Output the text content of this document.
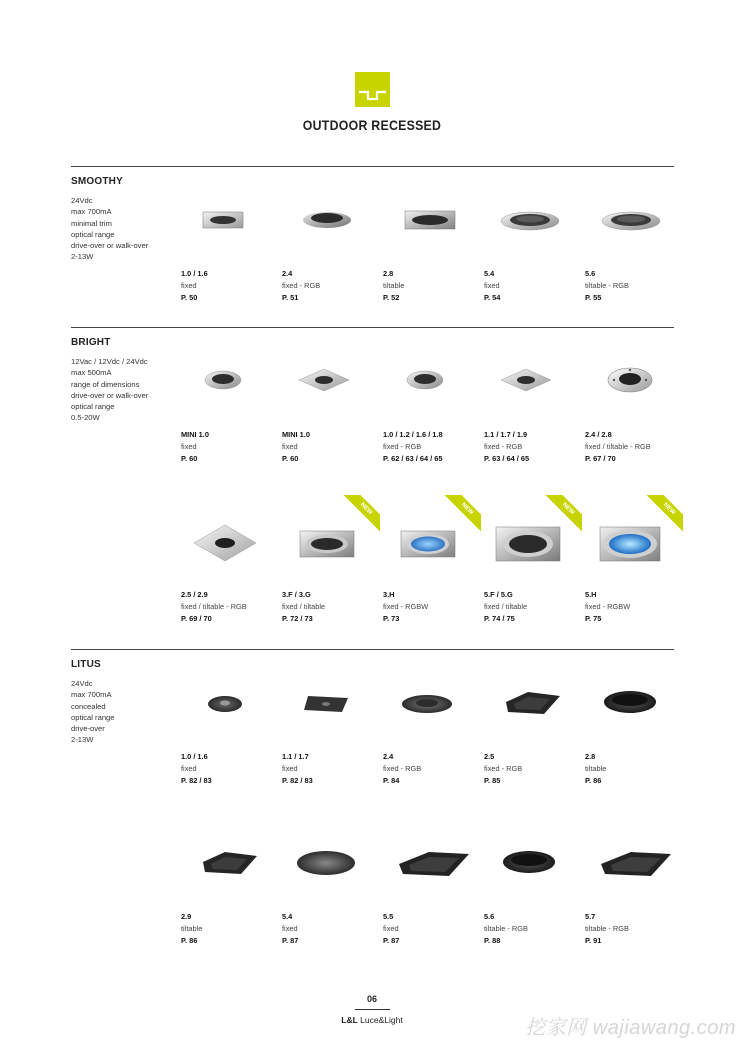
OUTDOOR RECESSED
SMOOTHY
24Vdc
max 700mA
minimal trim
optical range
drive-over or walk-over
2-13W
1.0 / 1.6
fixed
P. 50
2.4
fixed - RGB
P. 51
2.8
tiltable
P. 52
5.4
fixed
P. 54
5.6
tiltable - RGB
P. 55
BRIGHT
12Vac / 12Vdc / 24Vdc
max 500mA
range of dimensions
drive-over or walk-over
optical range
0.5-20W
MINI 1.0
fixed
P. 60
MINI 1.0
fixed
P. 60
1.0 / 1.2 / 1.6 / 1.8
fixed - RGB
P. 62 / 63 / 64 / 65
1.1 / 1.7 / 1.9
fixed - RGB
P. 63 / 64 / 65
2.4 / 2.8
fixed / tiltable - RGB
P. 67 / 70
2.5 / 2.9
fixed / tiltable - RGB
P. 69 / 70
3.F / 3.G
fixed / tiltable
P. 72 / 73
NEW
3.H
fixed - RGBW
P. 73
NEW
5.F / 5.G
fixed / tiltable
P. 74 / 75
NEW
5.H
fixed - RGBW
P. 75
NEW
LITUS
24Vdc
max 700mA
concealed
optical range
drive-over
2-13W
1.0 / 1.6
fixed
P. 82 / 83
1.1 / 1.7
fixed
P. 82 / 83
2.4
fixed - RGB
P. 84
2.5
fixed - RGB
P. 85
2.8
tiltable
P. 86
2.9
tiltable
P. 86
5.4
fixed
P. 87
5.5
fixed
P. 87
5.6
tiltable - RGB
P. 88
5.7
tiltable - RGB
P. 91
06
L&L Luce&Light	挖家网 wajiawang.com
